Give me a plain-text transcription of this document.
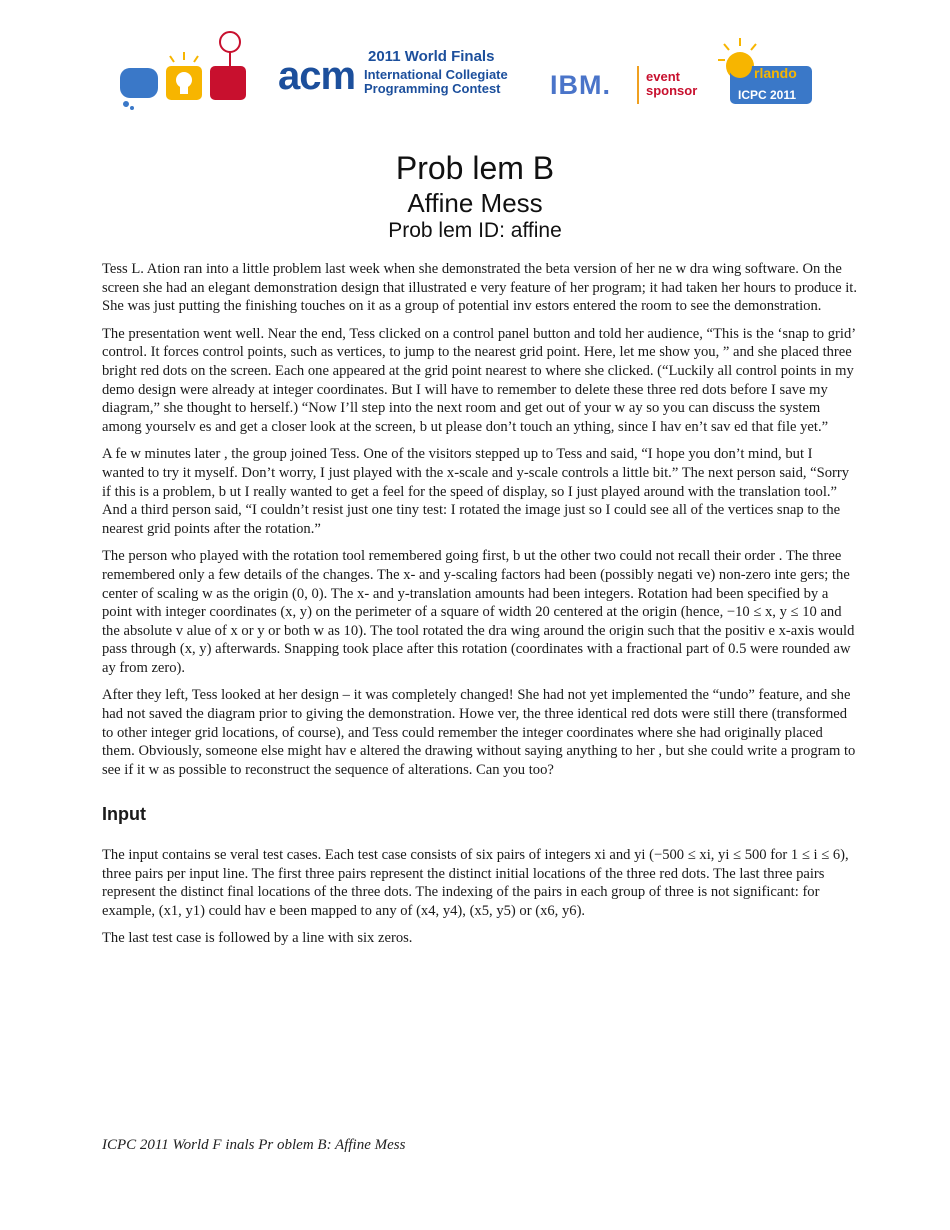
2011 World Finals
acm International Collegiate
Programming Contest IBM.	event
sponsor
rlando
ICPC 2011
Prob lem B
Affine Mess
Prob lem ID: affine

Tess L. Ation ran into a little problem last week when she demonstrated the beta version of her ne w dra wing software. On the screen she had an elegant demonstration design that illustrated e very feature of her program; it had taken her hours to produce it. She was just putting the finishing touches on it as a group of potential inv estors entered the room to see the demonstration.

The presentation went well. Near the end, Tess clicked on a control panel button and told her audience, “This is the ‘snap to grid’ control. It forces control points, such as vertices, to jump to the nearest grid point. Here, let me show you, ” and she placed three bright red dots on the screen. Each one appeared at the grid point nearest to where she clicked. (“Luckily all control points in my demo design were already at integer coordinates. But I will have to remember to delete these three red dots before I save my diagram,” she thought to herself.) “Now I’ll step into the next room and get out of your w ay so you can discuss the system among yourselv es and get a closer look at the screen, b ut please don’t touch an ything, since I hav en’t sav ed that file yet.”

A fe w minutes later , the group joined Tess. One of the visitors stepped up to Tess and said, “I hope you don’t mind, but I wanted to try it myself. Don’t worry, I just played with the x-scale and y-scale controls a little bit.” The next person said, “Sorry if this is a problem, b ut I really wanted to get a feel for the speed of display, so I just played around with the translation tool.” And a third person said, “I couldn’t resist just one tiny test: I rotated the image just so I could see all of the vertices snap to the nearest grid points after the rotation.”

The person who played with the rotation tool remembered going first, b ut the other two could not recall their order . The three remembered only a few details of the changes. The x- and y-scaling factors had been (possibly negati ve) non-zero inte gers; the center of scaling w as the origin (0, 0). The x- and y-translation amounts had been integers. Rotation had been specified by a point with integer coordinates (x, y) on the perimeter of a square of width 20 centered at the origin (hence, −10 ≤ x, y ≤ 10 and the absolute v alue of x or y or both w as 10). The tool rotated the dra wing around the origin such that the positiv e x-axis would pass through (x, y) afterwards. Snapping took place after this rotation (coordinates with a fractional part of 0.5 were rounded aw ay from zero).

After they left, Tess looked at her design – it was completely changed! She had not yet implemented the “undo” feature, and she had not saved the diagram prior to giving the demonstration. Howe ver, the three identical red dots were still there (transformed to other integer grid locations, of course), and Tess could remember the integer coordinates where she had originally placed them. Obviously, someone else might hav e altered the drawing without saying anything to her , but she could write a program to see if it w as possible to reconstruct the sequence of alterations. Can you too?

Input

The input contains se veral test cases. Each test case consists of six pairs of integers xi and yi (−500 ≤ xi, yi ≤ 500 for 1 ≤ i ≤ 6), three pairs per input line. The first three pairs represent the distinct initial locations of the three red dots. The last three pairs represent the distinct final locations of the three dots. The indexing of the pairs in each group of three is not significant: for example, (x1, y1) could hav e been mapped to any of (x4, y4), (x5, y5) or (x6, y6).

The last test case is followed by a line with six zeros.

ICPC 2011 World F inals Pr oblem B: Affine Mess
